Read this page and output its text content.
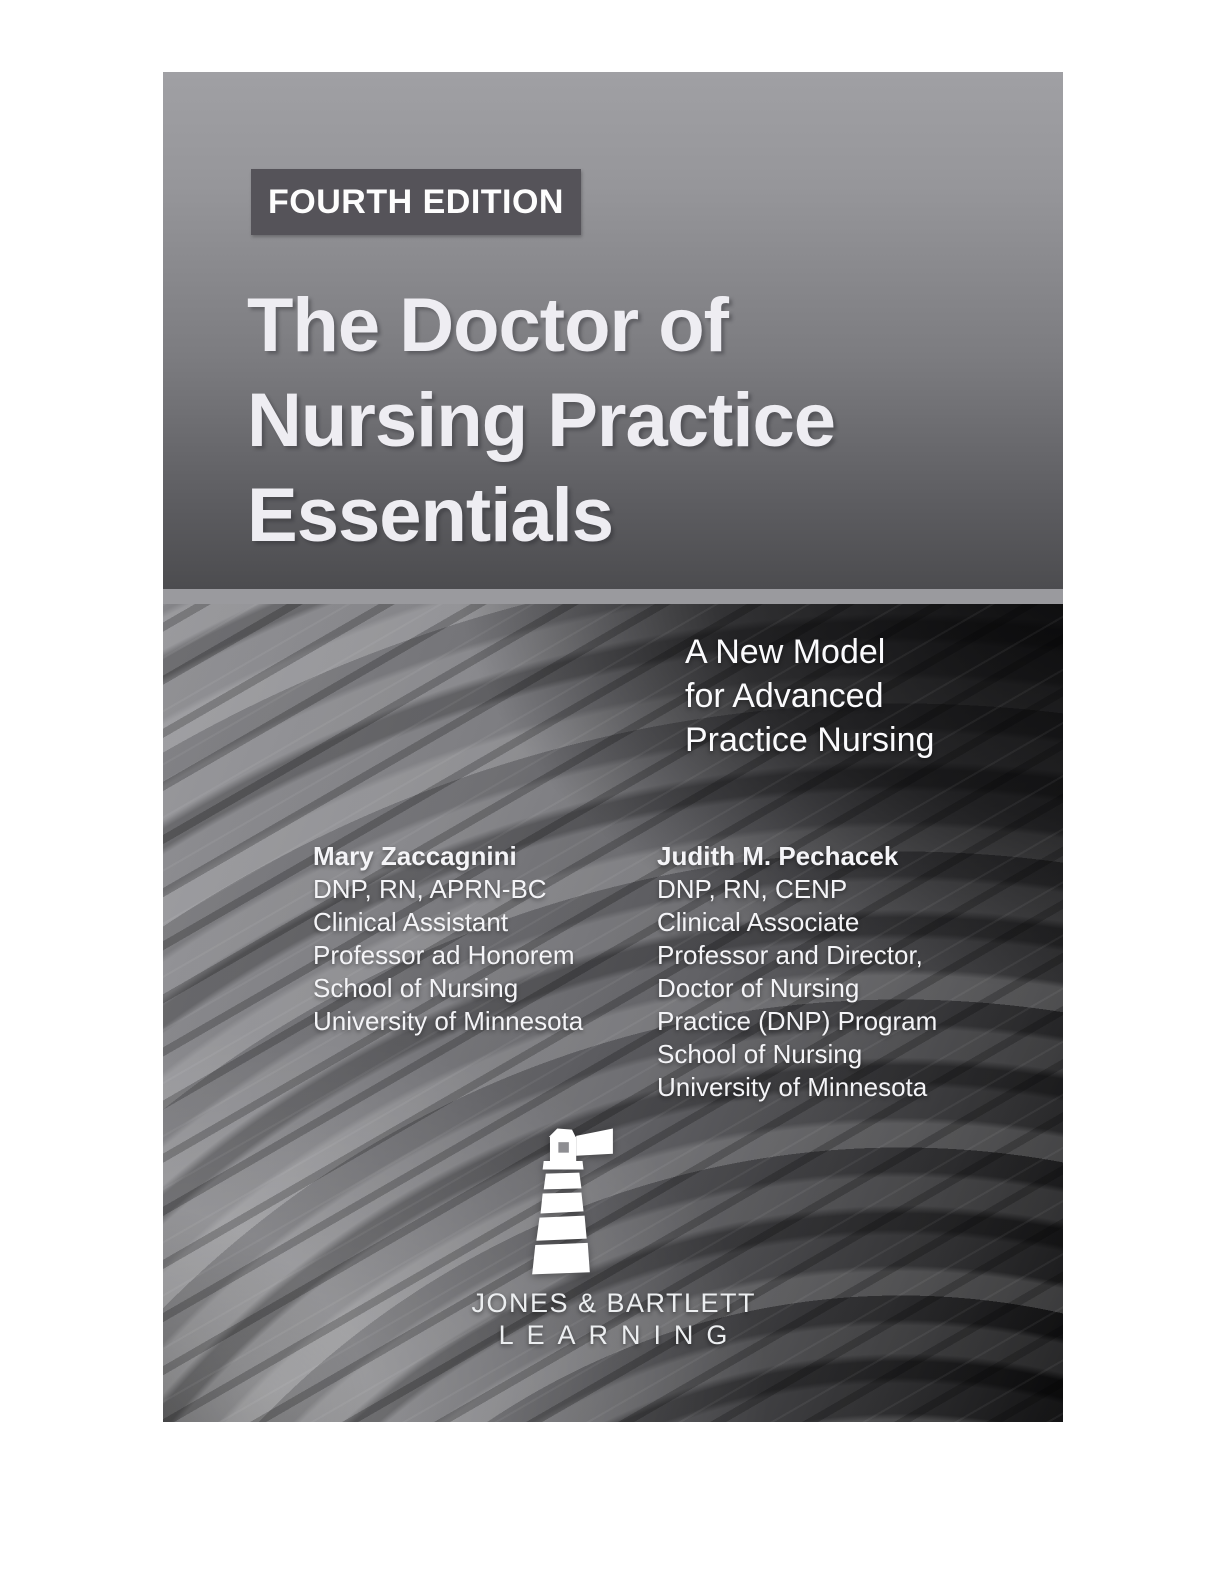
FOURTH EDITION
The Doctor of
Nursing Practice
Essentials
A New Model
for Advanced
Practice Nursing
Mary Zaccagnini
DNP, RN, APRN-BC
Clinical Assistant
Professor ad Honorem
School of Nursing
University of Minnesota
Judith M. Pechacek
DNP, RN, CENP
Clinical Associate
Professor and Director,
Doctor of Nursing
Practice (DNP) Program
School of Nursing
University of Minnesota
JONES & BARTLETT
LEARNING
